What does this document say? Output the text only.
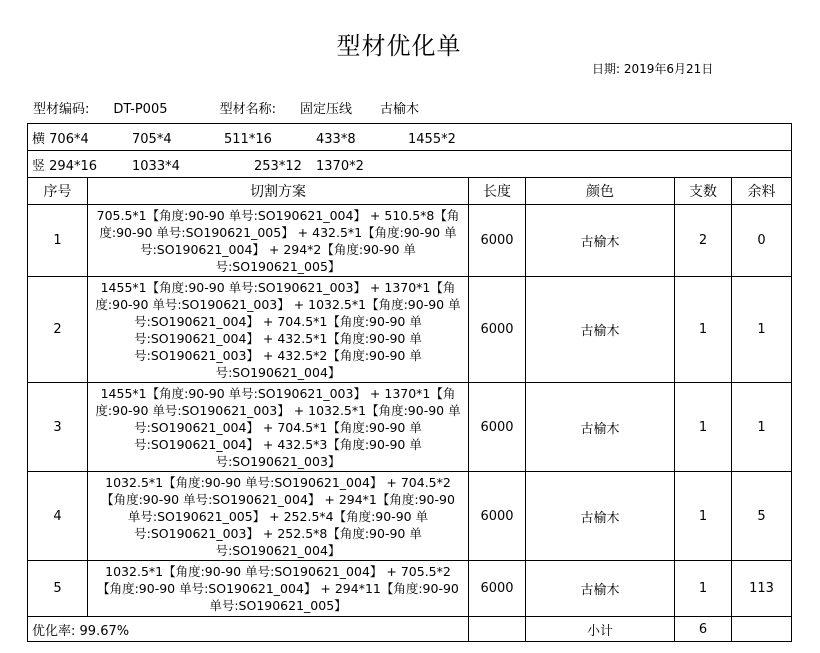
型材优化单
日期: 2019年6月21日
型材编码: DT-P005	型材名称: 固定压线 古榆木
横 706*4 705*4 511*16 433*8 1455*2					
竖 294*16 1033*4 253*12 1370*2					
序号	切割方案	长度	颜色	支数	余料
1	705.5*1【角度:90-90 单号:SO190621_004】 + 510.5*8【角度:90-90 单号:SO190621_005】 + 432.5*1【角度:90-90 单号:SO190621_004】 + 294*2【角度:90-90 单号:SO190621_005】	6000	古榆木	2	0
2	1455*1【角度:90-90 单号:SO190621_003】 + 1370*1【角度:90-90 单号:SO190621_003】 + 1032.5*1【角度:90-90 单号:SO190621_004】 + 704.5*1【角度:90-90 单号:SO190621_004】 + 432.5*1【角度:90-90 单号:SO190621_003】 + 432.5*2【角度:90-90 单号:SO190621_004】	6000	古榆木	1	1
3	1455*1【角度:90-90 单号:SO190621_003】 + 1370*1【角度:90-90 单号:SO190621_003】 + 1032.5*1【角度:90-90 单号:SO190621_004】 + 704.5*1【角度:90-90 单号:SO190621_004】 + 432.5*3【角度:90-90 单号:SO190621_003】	6000	古榆木	1	1
4	1032.5*1【角度:90-90 单号:SO190621_004】 + 704.5*2【角度:90-90 单号:SO190621_004】 + 294*1【角度:90-90 单号:SO190621_005】 + 252.5*4【角度:90-90 单号:SO190621_003】 + 252.5*8【角度:90-90 单号:SO190621_004】	6000	古榆木	1	5
5	1032.5*1【角度:90-90 单号:SO190621_004】 + 705.5*2【角度:90-90 单号:SO190621_004】 + 294*11【角度:90-90 单号:SO190621_005】	6000	古榆木	1	113
优化率: 99.67%			小计	6	
